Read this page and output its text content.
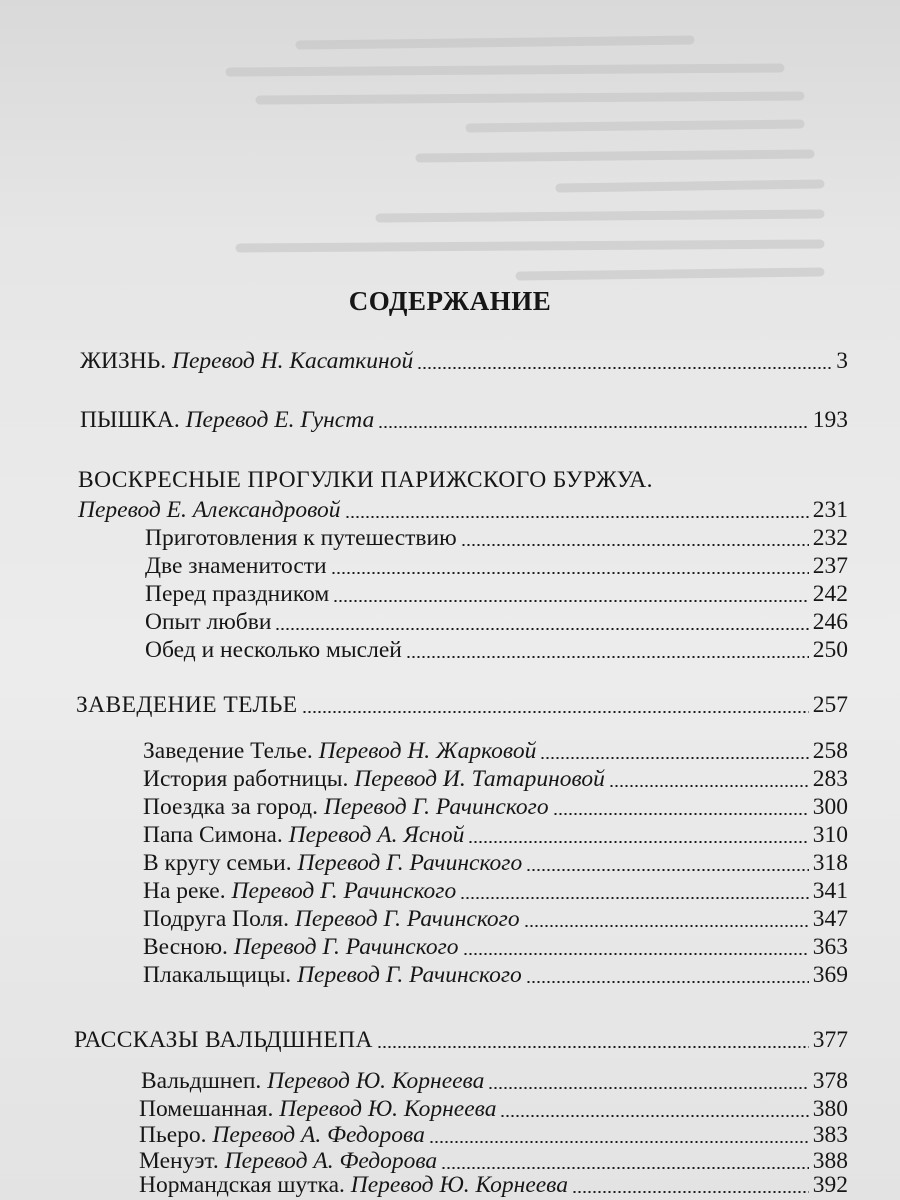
СОДЕРЖАНИЕ
ЖИЗНЬ. Перевод Н. Касаткиной	3
ПЫШКА. Перевод Е. Гунста	193
ВОСКРЕСНЫЕ ПРОГУЛКИ ПАРИЖСКОГО БУРЖУА.
Перевод Е. Александровой	231
Приготовления к путешествию	232
Две знаменитости	237
Перед праздником	242
Опыт любви	246
Обед и несколько мыслей	250
ЗАВЕДЕНИЕ ТЕЛЬЕ	257
Заведение Телье. Перевод Н. Жарковой	258
История работницы. Перевод И. Татариновой	283
Поездка за город. Перевод Г. Рачинского	300
Папа Симона. Перевод А. Ясной	310
В кругу семьи. Перевод Г. Рачинского	318
На реке. Перевод Г. Рачинского	341
Подруга Поля. Перевод Г. Рачинского	347
Весною. Перевод Г. Рачинского	363
Плакальщицы. Перевод Г. Рачинского	369
РАССКАЗЫ ВАЛЬДШНЕПА	377
Вальдшнеп. Перевод Ю. Корнеева	378
Помешанная. Перевод Ю. Корнеева	380
Пьеро. Перевод А. Федорова	383
Менуэт. Перевод А. Федорова	388
Нормандская шутка. Перевод Ю. Корнеева	392
